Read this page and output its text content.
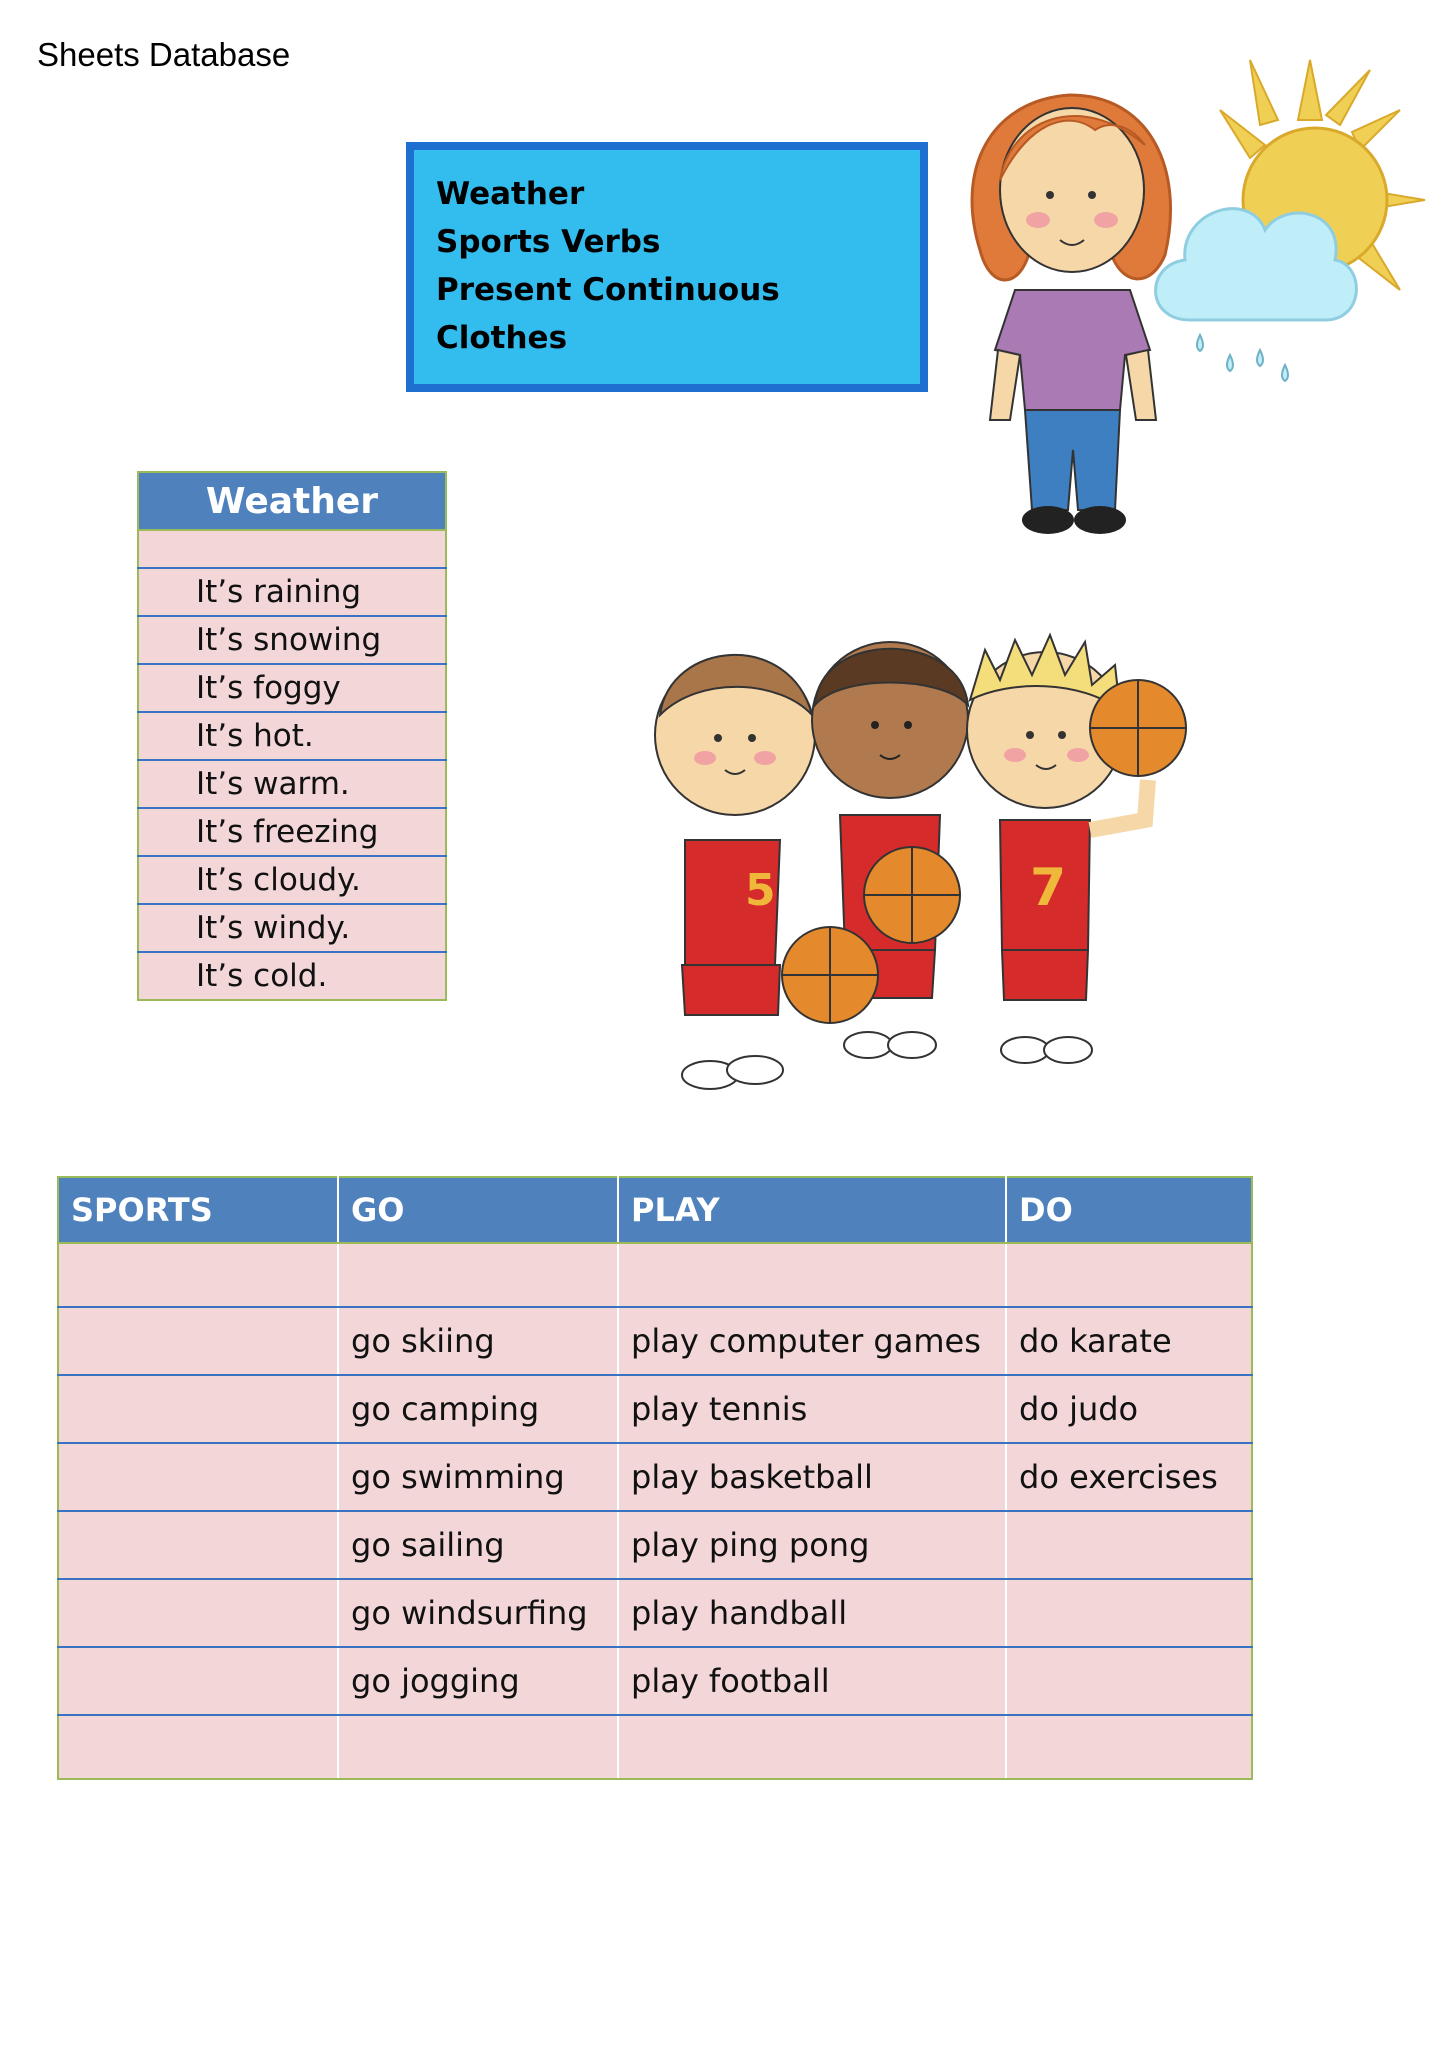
Sheets Database
Weather
Sports Verbs
Present Continuous
Clothes
5	7
Weather

It’s raining
It’s snowing
It’s foggy
It’s hot.
It’s warm.
It’s freezing
It’s cloudy.
It’s windy.
It’s cold.
SPORTS	GO	PLAY	DO

	go skiing	play computer games	do karate
	go camping	play tennis	do judo
	go swimming	play basketball	do exercises
	go sailing	play ping pong	
	go windsurfing	play handball	
	go jogging	play football	
